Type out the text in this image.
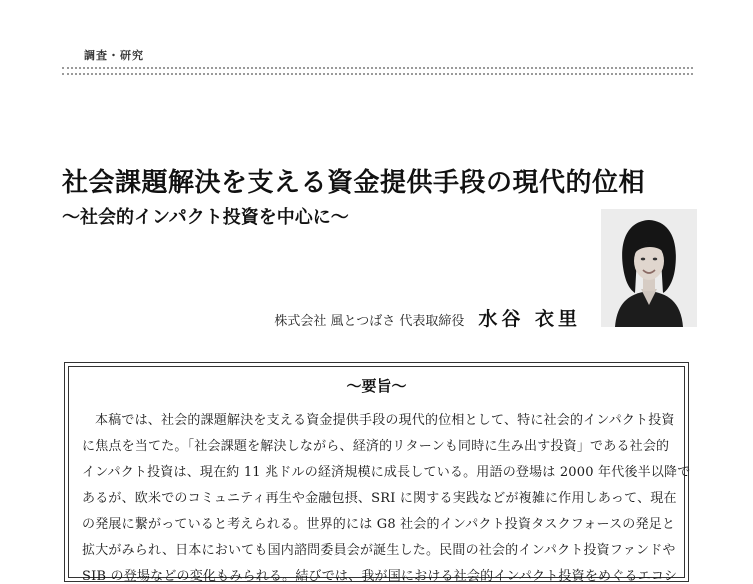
調査・研究
社会課題解決を支える資金提供手段の現代的位相
〜社会的インパクト投資を中心に〜
株式会社 風とつばさ 代表取締役 水谷 衣里
〜要旨〜
本稿では、社会的課題解決を支える資金提供手段の現代的位相として、特に社会的インパクト投資
に焦点を当てた。「社会課題を解決しながら、経済的リターンも同時に生み出す投資」である社会的
インパクト投資は、現在約 11 兆ドルの経済規模に成長している。用語の登場は 2000 年代後半以降で
あるが、欧米でのコミュニティ再生や金融包摂、SRI に関する実践などが複雑に作用しあって、現在
の発展に繋がっていると考えられる。世界的には G8 社会的インパクト投資タスクフォースの発足と
拡大がみられ、日本においても国内諮問委員会が誕生した。民間の社会的インパクト投資ファンドや
SIB の登場などの変化もみられる。結びでは、我が国における社会的インパクト投資をめぐるエコシ
